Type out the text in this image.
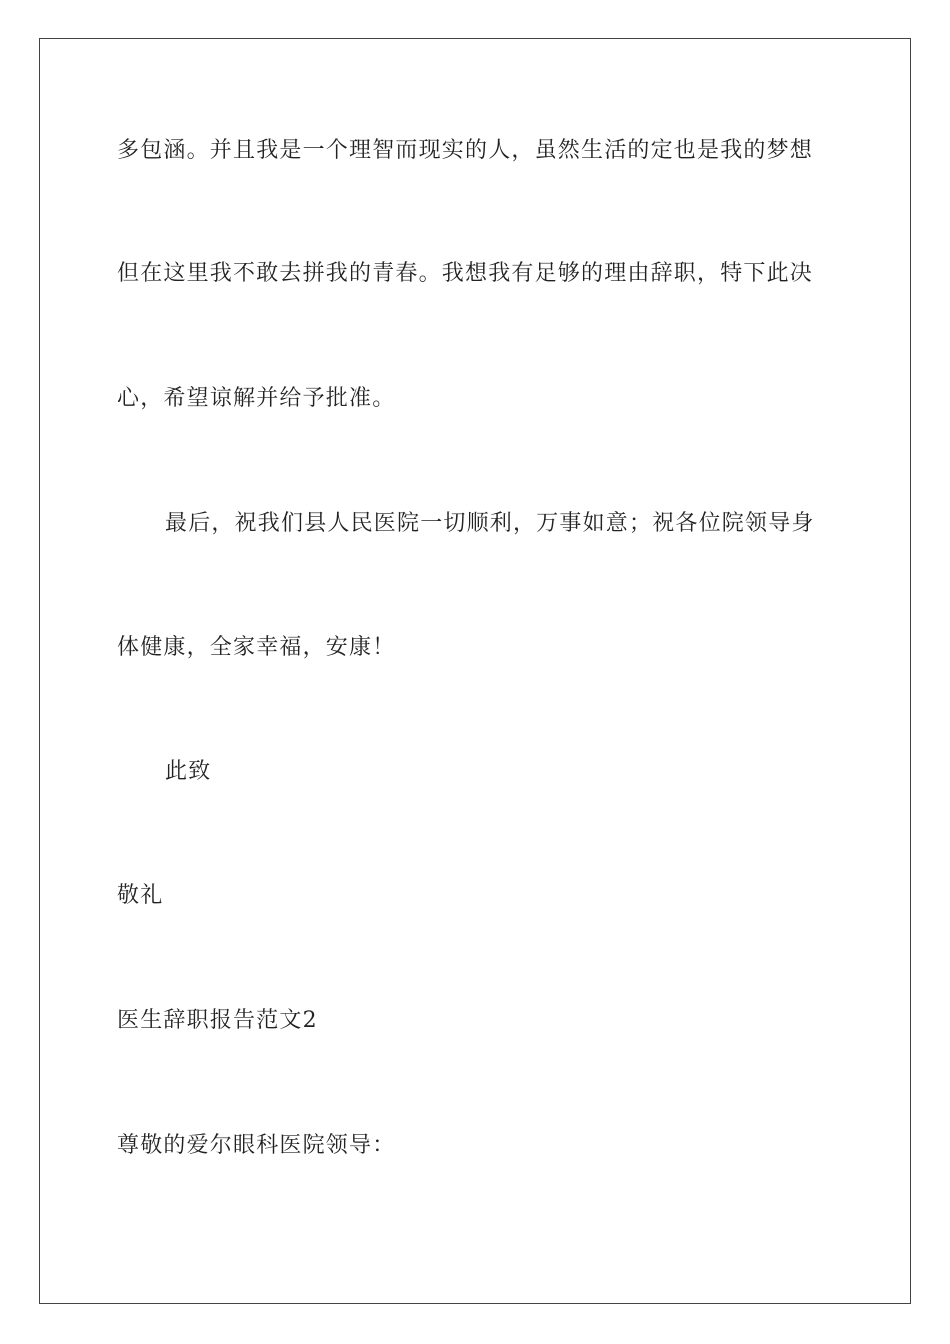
多包涵。并且我是一个理智而现实的人，虽然生活的定也是我的梦想
但在这里我不敢去拼我的青春。我想我有足够的理由辞职，特下此决
心，希望谅解并给予批准。
最后，祝我们县人民医院一切顺利，万事如意；祝各位院领导身
体健康，全家幸福，安康！
此致
敬礼
医生辞职报告范文2
尊敬的爱尔眼科医院领导：
